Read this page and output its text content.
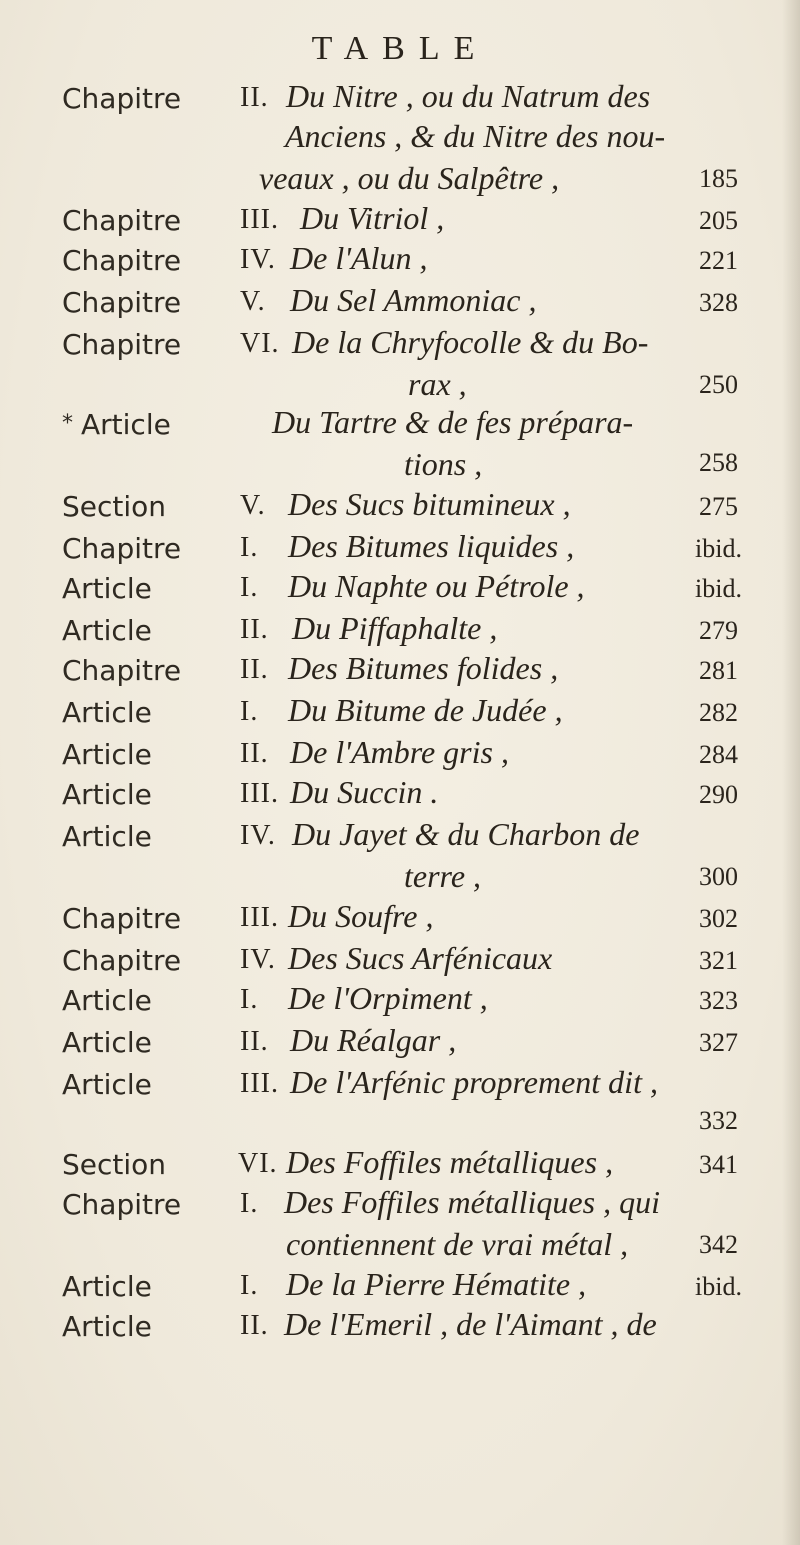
TABLE
Chapitre II. Du Nitre , ou du Natrum des
Anciens , & du Nitre des nou-
veaux , ou du Salpêtre ,	185
Chapitre III. Du Vitriol ,	205
Chapitre IV. De l'Alun ,	221
Chapitre V. Du Sel Ammoniac ,	328
Chapitre VI. De la Chryfocolle & du Bo-
rax ,	250
* Article	Du Tartre & de fes prépara-
tions ,	258
Section	V. Des Sucs bitumineux ,	275
Chapitre I. Des Bitumes liquides ,	ibid.
Article	I. Du Naphte ou Pétrole ,	ibid.
Article	II. Du Piffaphalte ,	279
Chapitre II. Des Bitumes folides ,	281
Article	I. Du Bitume de Judée ,	282
Article	II. De l'Ambre gris ,	284
Article	III. Du Succin .	290
Article	IV. Du Jayet & du Charbon de
terre ,	300
Chapitre III. Du Soufre ,	302
Chapitre IV. Des Sucs Arfénicaux	321
Article	I. De l'Orpiment ,	323
Article	II. Du Réalgar ,	327
Article	III. De l'Arfénic proprement dit ,
332
Section	VI. Des Foffiles métalliques ,	341
Chapitre I. Des Foffiles métalliques , qui
contiennent de vrai métal ,	342
Article	I. De la Pierre Hématite ,	ibid.
Article	II. De l'Emeril , de l'Aimant , de
